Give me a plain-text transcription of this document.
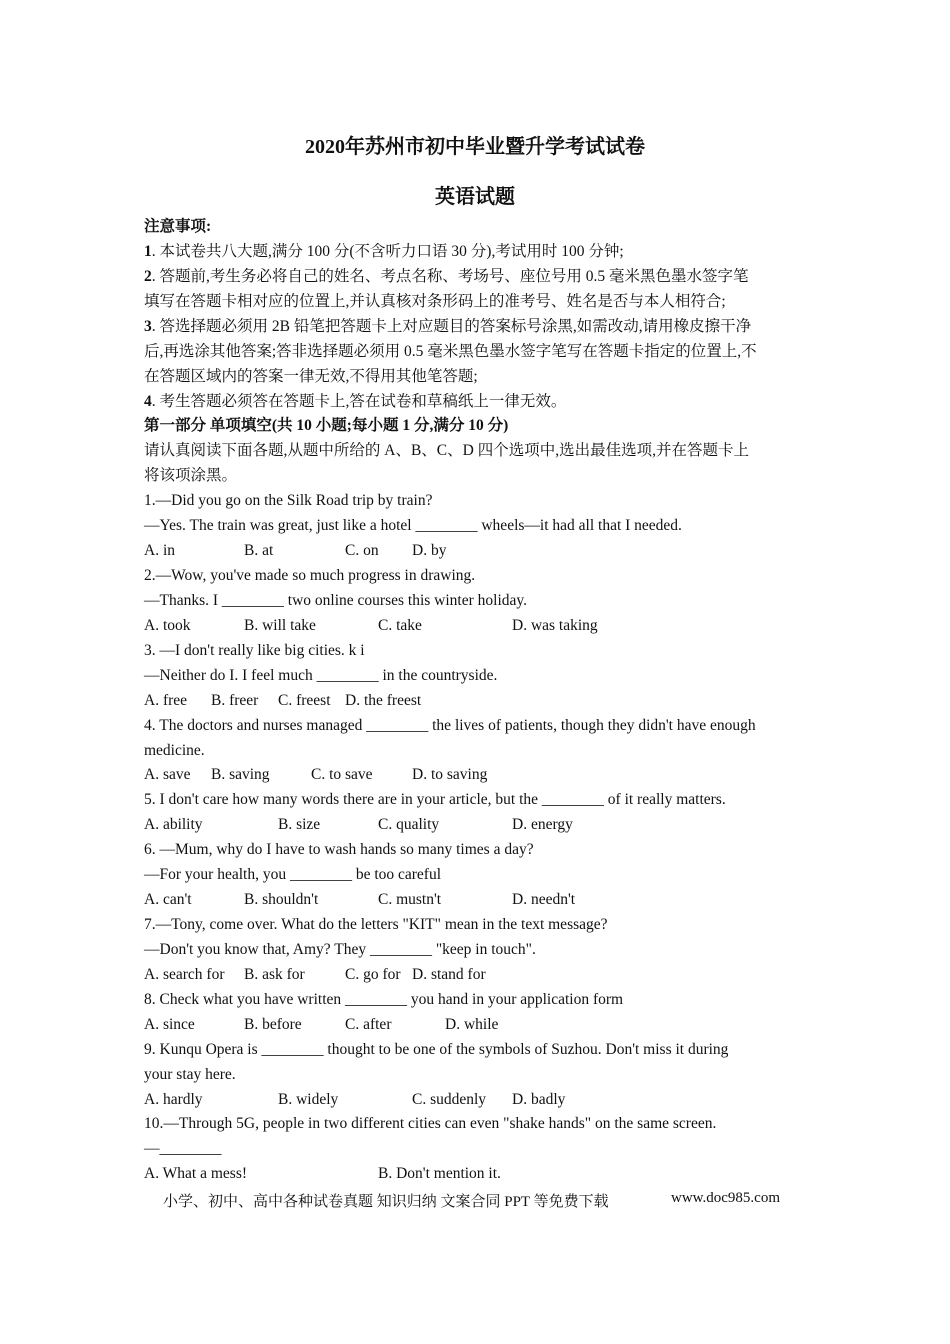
2020年苏州市初中毕业暨升学考试试卷
英语试题
注意事项:
1. 本试卷共八大题,满分 100 分(不含听力口语 30 分),考试用时 100 分钟;
2. 答题前,考生务必将自己的姓名、考点名称、考场号、座位号用 0.5 毫米黑色墨水签字笔
填写在答题卡相对应的位置上,并认真核对条形码上的准考号、姓名是否与本人相符合;
3. 答选择题必须用 2B 铅笔把答题卡上对应题目的答案标号涂黑,如需改动,请用橡皮擦干净
后,再选涂其他答案;答非选择题必须用 0.5 毫米黑色墨水签字笔写在答题卡指定的位置上,不
在答题区域内的答案一律无效,不得用其他笔答题;
4. 考生答题必须答在答题卡上,答在试卷和草稿纸上一律无效。
第一部分 单项填空(共 10 小题;每小题 1 分,满分 10 分)
请认真阅读下面各题,从题中所给的 A、B、C、D 四个选项中,选出最佳选项,并在答题卡上
将该项涂黑。
1.—Did you go on the Silk Road trip by train?
—Yes. The train was great, just like a hotel ________ wheels—it had all that I needed.
A. in	B. at	C. on D. by
2.—Wow, you've made so much progress in drawing.
—Thanks. I ________ two online courses this winter holiday.
A. took	B. will take	C. take	D. was taking
3. —I don't really like big cities. k i
—Neither do I. I feel much ________ in the countryside.
A. free B. freer C. freest D. the freest
4. The doctors and nurses managed ________ the lives of patients, though they didn't have enough
medicine.
A. save B. saving	C. to save	D. to saving
5. I don't care how many words there are in your article, but the ________ of it really matters.
A. ability	B. size	C. quality	D. energy
6. —Mum, why do I have to wash hands so many times a day?
—For your health, you ________ be too careful
A. can't	B. shouldn't	C. mustn't	D. needn't
7.—Tony, come over. What do the letters "KIT" mean in the text message?
—Don't you know that, Amy? They ________ "keep in touch".
A. search for B. ask for	C. go for D. stand for
8. Check what you have written ________ you hand in your application form
A. since	B. before	C. after	D. while
9. Kunqu Opera is ________ thought to be one of the symbols of Suzhou. Don't miss it during
your stay here.
A. hardly	B. widely	C. suddenly D. badly
10.—Through 5G, people in two different cities can even "shake hands" on the same screen.
—________
A. What a mess!	B. Don't mention it.
小学、初中、高中各种试卷真题 知识归纳 文案合同 PPT 等免费下载	www.doc985.com
